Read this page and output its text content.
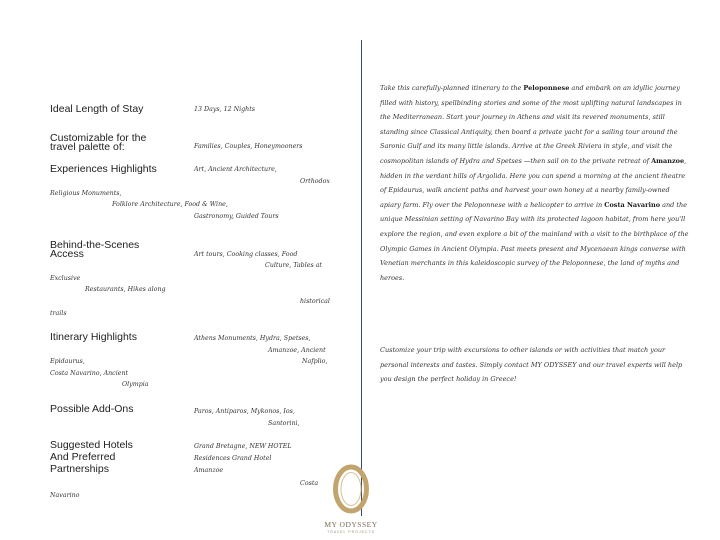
Ideal Length of Stay
Customizable for the
travel palette of:
Experiences Highlights
Behind-the-Scenes
Access
Itinerary Highlights
Possible Add-Ons
Suggested Hotels
And Preferred
Partnerships
13 Days, 12 Nights
Families, Couples, Honeymooners
Art, Ancient Architecture,
Orthodox
Religious Monuments,
Folklore Architecture, Food & Wine,
Gastronomy, Guided Tours
Art tours, Cooking classes, Food
Culture, Tables at
Exclusive
Restaurants, Hikes along
historical
trails
Athens Monuments, Hydra, Spetses,
Amanzoe, Ancient
Epidaurus,	Nafplio,
Costa Navarino, Ancient
Olympia
Paros, Antiparos, Mykonos, Ios,
Santorini,
Grand Bretagne, NEW HOTEL
Residences Grand Hotel
Amanzoe
Costa
Navarino

Take this carefully-planned itinerary to the Peloponnese and embark on an idyllic journey filled with history, spellbinding stories and some of the most uplifting natural landscapes in the Mediterranean. Start your journey in Athens and visit its revered monuments, still standing since Classical Antiquity, then board a private yacht for a sailing tour around the Saronic Gulf and its many little islands. Arrive at the Greek Riviera in style, and visit the cosmopolitan islands of Hydra and Spetses —then sail on to the private retreat of Amanzoe, hidden in the verdant hills of Argolida. Here you can spend a morning at the ancient theatre of Epidaurus, walk ancient paths and harvest your own honey at a nearby family-owned apiary farm. Fly over the Peloponnese with a helicopter to arrive in Costa Navarino and the unique Messinian setting of Navarino Bay with its protected lagoon habitat, from here you'll explore the region, and even explore a bit of the mainland with a visit to the birthplace of the Olympic Games in Ancient Olympia. Past meets present and Mycenaean kings converse with Venetian merchants in this kaleidoscopic survey of the Peloponnese, the land of myths and heroes.

Customize your trip with excursions to other islands or with activities that match your personal interests and tastes. Simply contact MY ODYSSEY and our travel experts will help you design the perfect holiday in Greece!

MY ODYSSEY
TRAVEL PROJECTS
